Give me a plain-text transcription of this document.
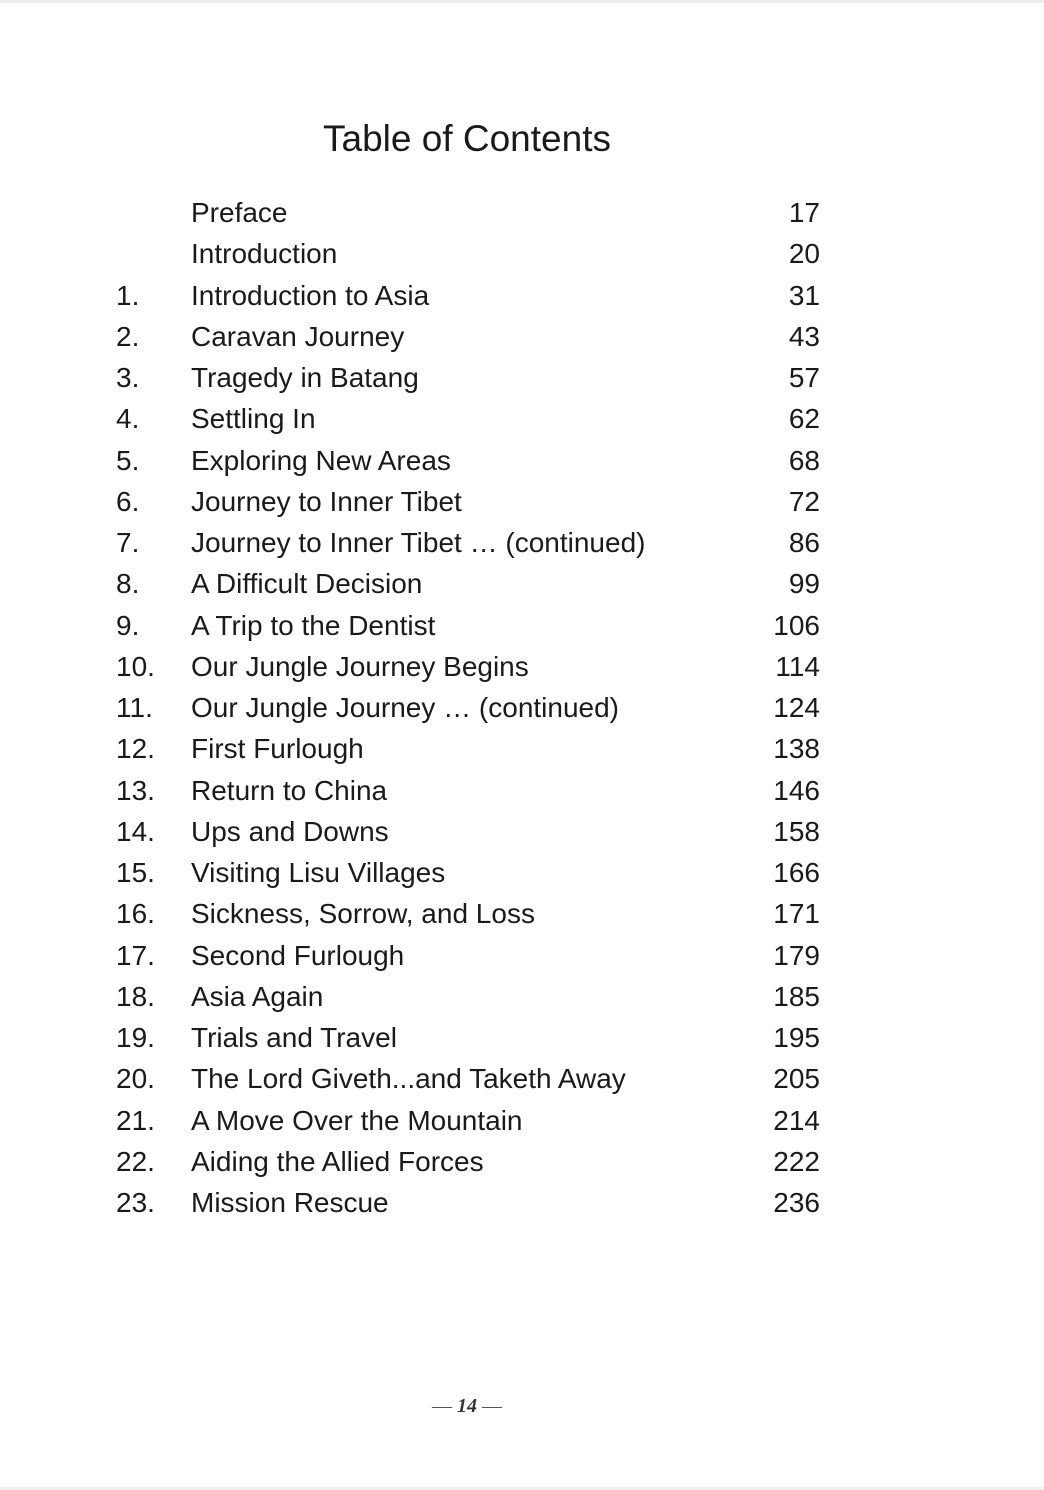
Table of Contents
Preface	17
Introduction	20
1.	Introduction to Asia	31
2.	Caravan Journey	43
3.	Tragedy in Batang	57
4.	Settling In	62
5.	Exploring New Areas	68
6.	Journey to Inner Tibet	72
7.	Journey to Inner Tibet … (continued)	86
8.	A Difficult Decision	99
9.	A Trip to the Dentist	106
10.	Our Jungle Journey Begins	114
11.	Our Jungle Journey … (continued)	124
12.	First Furlough	138
13.	Return to China	146
14.	Ups and Downs	158
15.	Visiting Lisu Villages	166
16.	Sickness, Sorrow, and Loss	171
17.	Second Furlough	179
18.	Asia Again	185
19.	Trials and Travel	195
20.	The Lord Giveth...and Taketh Away	205
21.	A Move Over the Mountain	214
22.	Aiding the Allied Forces	222
23.	Mission Rescue	236
— 14 —
